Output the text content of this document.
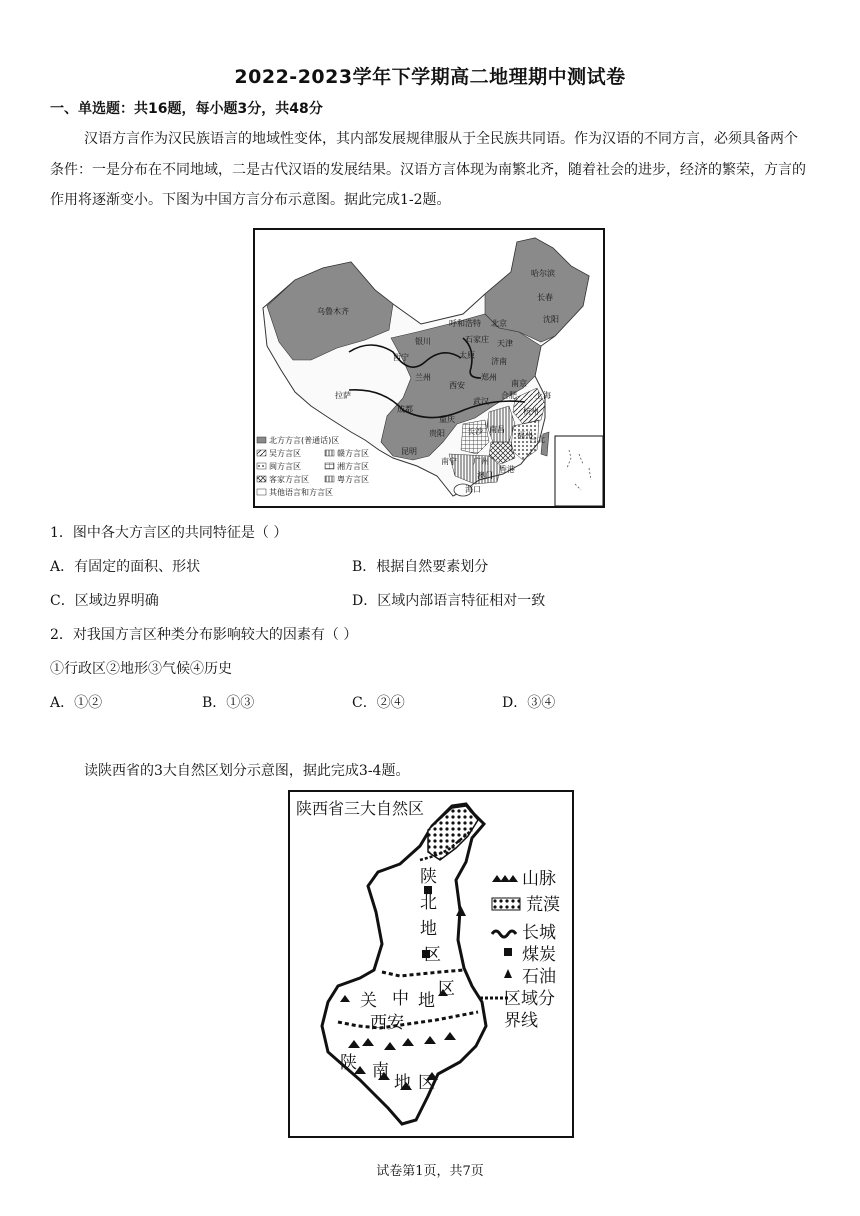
2022-2023学年下学期高二地理期中测试卷
一、单选题：共16题，每小题3分，共48分
汉语方言作为汉民族语言的地域性变体，其内部发展规律服从于全民族共同语。作为汉语的不同方言，必须具备两个条件：一是分布在不同地域，二是古代汉语的发展结果。汉语方言体现为南繁北齐，随着社会的进步，经济的繁荣，方言的作用将逐渐变小。下图为中国方言分布示意图。据此完成1-2题。
乌鲁木齐
哈尔滨
长春
沈阳
呼和浩特 北京
石家庄 天津
太原
济南
银川
西宁
兰州	郑州
西安	南京
合肥 上海
拉萨
成都
武汉
杭州
重庆
长沙 南昌
福州
贵阳
台北
昆明
南宁 广州
澳门
香港
海口
北方方言(普通话)区
吴方言区	赣方言区
闽方言区	湘方言区
客家方言区	粤方言区
其他语言和方言区
1．图中各大方言区的共同特征是（ ）
A．有固定的面积、形状	B．根据自然要素划分
C．区域边界明确	D．区域内部语言特征相对一致
2．对我国方言区种类分布影响较大的因素有（ ）
①行政区②地形③气候④历史
A．①②	B．①③	C．②④	D．③④
读陕西省的3大自然区划分示意图，据此完成3-4题。
陕西省三大自然区
陕
北
地
区
关 中 地
区
西安
陕 南
地 区
山脉
荒漠
长城
煤炭
石油
区域分
界线
试卷第1页，共7页
